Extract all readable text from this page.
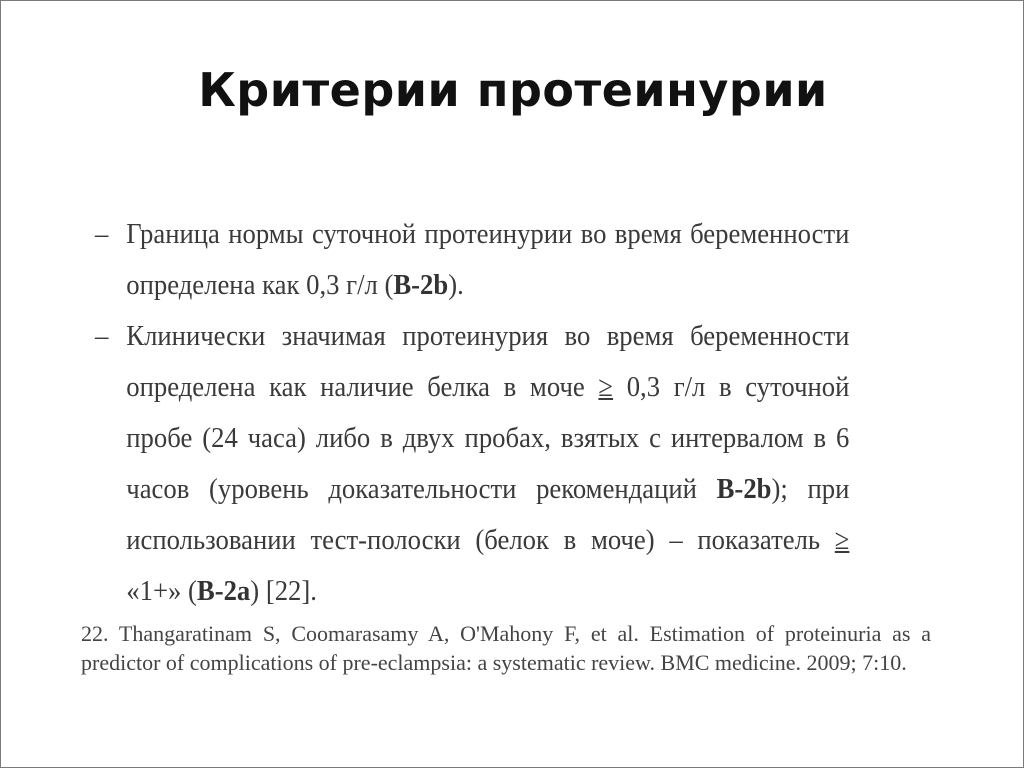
Критерии протеинурии
– Граница нормы суточной протеинурии во время беременности определена как 0,3 г/л (В-2b).
– Клинически значимая протеинурия во время беременности определена как наличие белка в моче ≥ 0,3 г/л в суточной пробе (24 часа) либо в двух пробах, взятых с интервалом в 6 часов (уровень доказательности рекомендаций В-2b); при использовании тест-полоски (белок в моче) – показатель ≥ «1+» (В-2а) [22].
22. Thangaratinam S, Coomarasamy A, O'Mahony F, et al. Estimation of proteinuria as a predictor of complications of pre-eclampsia: a systematic review. BMC medicine. 2009; 7:10.
